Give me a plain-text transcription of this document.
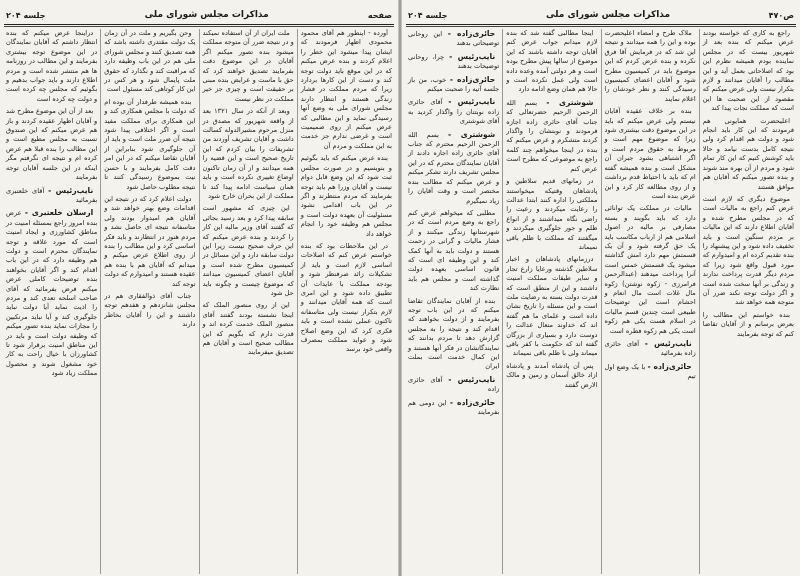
ص۴۷۰
مذاکرات مجلس شورای ملی
جلسه ۲۰۴

راجع به کاری که خواسته بودند عرض میکنم که بنده بعد از شهریور بیست که در مجلس نماینده بودم همیشه نظرم این بود که اصلاحاتی بعمل آید و این مطالب را آقایان میدانند و لازم بتکرار نیست ولی عرض میکنم که مقصود از این صحبت ها این است که مملکت نجات پیدا کند

اعلیحضرت همایونی هم فرمودند که این کار باید انجام شود و دولت هم اقدام کرد ولی نتیجه کامل بدست نیامد و حالا باید کوشش کنیم که این کار تمام شود و مردم از آن بهره مند شوند و بنده تصور میکنم که آقایان هم موافق هستند

موضوع دیگری که لازم است عرض کنم راجع به مالیات است که در مجلس مطرح شده و آقایان اطلاع دارند که این مالیات بر مردم سنگین است و باید تخفیف داده شود و این پیشنهاد را بنده تقدیم کرده ام و امیدوارم که مورد قبول واقع شود زیرا که مردم دیگر قدرت پرداخت ندارند و زندگی بر آنها سخت شده است و اگر دولت توجه نکند ضرر آن متوجه همه خواهد شد

بنده خواستم این مطالب را بعرض برسانم و از آقایان تقاضا کنم که توجه بفرمایند

ملاک طرح و امضاء اعلیحضرت بوده و این را همه میدانند و نتیجه این شد که در فرمایش آقا فرق نکرده و بنده عرض کردم که این موضوع باید در کمیسیون مطرح شود و آقایان اعضای کمیسیون رسیدگی کنند و نظر خودشان را اعلام نمایند

بنده بر خلاف عقیده آقایان نیستم ولی عرض میکنم که باید در این موضوع دقت بیشتری شود زیرا که موضوع مهم است و مربوط به حقوق مردم است و اگر اشتباهی بشود جبران آن مشکل است و بنده همیشه گفته ام که باید با احتیاط قدم برداشت و از روی مطالعه کار کرد و این عرض بنده است

مالیات در مملکت یک توانائی دارد که باید بگویند و بسته مصارفی بر مالیه در اصول اسلامی هم از ارباب مکاسب باید یک حق گرفته شود و آن یک قسمتش مهم دارد امش گذاشته میشود یک قسمتش خمس است آنرا پرداخت میدهند (عبدالرحمن فرامرزی - زکوه نوشتن) زکوه مال غلات است مال انعام و احشام است این توضیحات طبیعی است چندین قسم مالیات در اسلام هست یکی هم زکوه است یکی هم زکوه فطره است

نایب‌رئیس - آقای حائری زاده بفرمائید

حائری‌زاده - با یک وضع اول تیم

اینجا مطالبی گفته شد که بنده لازم میدانم جواب عرض کنم آقایان توجه داشته باشند که این موضوع از سالها پیش مطرح بوده است و هر دولتی آمده وعده داده است ولی عمل نکرده است و حالا هم همان وضع ادامه دارد

شوشتری - بسم الله الرحمن الرحیم حضرتعالی که جناب آقای حائری زاده اجازه فرمودند و نوبتشان را واگذار کردند متشکرم و عرض میکنم که بنده در اینجا میخواهم چند کلمه راجع به موضوعی که مطرح است عرض کنم

در زمانهای قدیم سلاطین و پادشاهان وقتیکه میخواستند مملکتی را اداره کنند ابتدا عدالت را رعایت میکردند و رعیت را راضی نگاه میداشتند و از انواع ظلم و جور جلوگیری میکردند و میگفتند که مملکت با ظلم باقی نمیماند

درزمانهای پادشاهان و اخبار سلاطین گذشته ورعایا زارع تجار و سایر طبقات مملکت امنیت داشتند و این از منطق است که قدرت دولت بسته به رضایت ملت است و این مسئله را تاریخ نشان داده است و علمای ما هم گفته اند که خداوند متعال عدالت را دوست دارد و بسیاری از بزرگان گفته اند که حکومت با کفر باقی میماند ولی با ظلم باقی نمیماند

پس آن پادشاه آمدند و پادشاه ازاد خالق آسمان و زمین و مالک الارض گفتند

حائری‌زاده - این روحانی توضیحاتی بدهند

نایب‌رئیس - چرا، روحانی توضیحات بدهند

حائری‌زاده - خوب، من باز جلسه آتیه را صحبت میکنم

نایب‌رئیس - آقای حائری زاده نوبتتان را واگذار کردید به آقای شوشتری

شوشتری - بسم الله الرحمن الرحیم محترم که جناب آقای حائری زاده اجازه دادند از آقایان نمایندگان محترم که در این مجلس تشریف دارند تشکر میکنم و عرض میکنم که مطالب بنده مختصر است و وقت آقایان را زیاد نمیگیرم

مطلبی که میخواهم عرض کنم راجع به وضع مردم است که در شهرستانها زندگی میکنند و از فشار مالیات و گرانی در زحمت هستند و دولت باید به آنها کمک کند و این وظیفه ای است که قانون اساسی بعهده دولت گذاشته است و مجلس هم باید نظارت کند

بنده از آقایان نمایندگان تقاضا میکنم که در این باب توجه بفرمایند و از دولت بخواهند که اقدام کند و نتیجه را به مجلس گزارش دهد تا مردم بدانند که نمایندگانشان در فکر آنها هستند و این کمال خدمت است بملت ایران

نایب‌رئیس - آقای حائری زاده

حائری‌زاده - این دومی هم بفرمایند

صفحه
مذاکرات مجلس شورای ملی
جلسه ۲۰۴

آورده - اینطور هم آقای محمود محمودی اظهار فرمودند که ایشان پیدا میشود این خطر را اعلام کردند و بنده عرض میکنم که در این موقع باید دولت توجه کند و دست از این کارها بردارد زیرا که مردم مملکت در فشار زندگی هستند و انتظار دارند مجلس شورای ملی به وضع آنها رسیدگی نماید و این مطالبی که عرض میکنم از روی صمیمیت است و غرضی ندارم جز خدمت به این مملکت و مردم آن

بنده عرض میکنم که باید بگوئیم و بنویسیم و در صورت مجلس ثبت شود که این وضع قابل دوام نیست و آقایان وزرا هم باید توجه بفرمایند که مردم منتظرند و اگر در این باب اقدامی نشود مسئولیت آن بعهده دولت است و مجلس هم وظیفه خود را انجام خواهد داد

در این ملاحظات بود که بنده خواستم عرض کنم که اصلاحات اساسی لازم است و باید از تشکیلات زائد صرفنظر شود و بودجه مملکت با عایدات آن تطبیق داده شود و این امری است که همه آقایان میدانند و لازم بتکرار نیست ولی متاسفانه تاکنون عملی نشده است و باید فکری کرد که این وضع اصلاح شود و عواید مملکت بمصرف واقعی خود برسد

ملت ایران از آن استفاده نمیکند و در نتیجه ضرر آن متوجه مملکت میشود بنده تصور میکنم اگر آقایان در این موضوع دقت بفرمایند تصدیق خواهند کرد که حق با ماست و عرایض بنده مبنی بر حقیقت است و چیزی جز خیر مملکت در نظر نیست

وبعد از آنکه در سال ۱۳۲۱ بعد از واقعه شهریور که مصدق در منزل مرحوم مشیرالدوله کسالت داشت و آقایان تشریف آوردند من تشریفات را بیان کردم که این تاریخ صحیح است و این قضیه را همه میدانند و از آن زمان تاکنون اوضاع تغییری نکرده است و باید همان سیاست ادامه پیدا کند تا مملکت از این بحران خارج شود

این چیزی که مشهور است سابقه پیدا کرد و بعد رسید بجائی که گفتند آقای وزیر مالیه این کار را کردند و بنده عرض میکنم که این حرف صحیح نیست زیرا این دولت سابقه دارد و این مسائل در کمیسیون مطرح شده است و آقایان اعضای کمیسیون میدانند که موضوع چیست و چگونه باید حل شود

این از روی منصور الملک که اینجا نشسته بودند گفتند آقای منصور الملک خدمت کرده اند و قدرت دارم که بگویم که این مطالب صحیح است و آقایان هم تصدیق میفرمایند

وحن بگیریم و ملت در آن زمان یک دولت مقتدری داشته باشد که همه تصدیق کنند و مجلس شورای ملی هم در این باب وظیفه دارد که مراقبت کند و نگذارد که حقوق ملت پایمال شود و هر کس در این کار کوتاهی کند مسئول است

بنده همیشه طرفدار آن بوده ام که دولت با مجلس همکاری کند و این همکاری برای مملکت مفید است و اگر اختلافی پیدا شود نتیجه آن ضرر ملت است و باید از آن جلوگیری شود بنابراین از آقایان تقاضا میکنم که در این امر دقت کامل بفرمایند و با حسن نیت بموضوع رسیدگی کنند تا نتیجه مطلوب حاصل شود

دولت اعلام کرد که در نتیجه این اقدامات وضع بهتر خواهد شد و آقایان هم امیدوار بودند ولی متاسفانه نتیجه ای حاصل نشد و مردم هنوز در انتظارند و باید فکر اساسی کرد و این مطالب را بنده از روی اطلاع عرض میکنم و میدانم که آقایان هم با بنده هم عقیده هستند و امیدوارم که دولت توجه کند

جناب آقای ذوالفقاری هم در مجلس شانزدهم و هفدهم توجه داشتند و این را آقایان بخاطر دارند

دراینجا عرض میکنم که بنده انتظار داشتم که آقایان نمایندگان در این موضوع توجه بیشتری بفرمایند و این مطالب در روزنامه ها هم منتشر شده است و مردم اطلاع دارند و باید جواب بدهیم و بگوئیم که مجلس چه کرده است و دولت چه کرده است

بعد از آن این موضوع مطرح شد و آقایان اظهار عقیده کردند و باز هم عرض میکنم که این صندوق نسبت به مجلس مطیع است و این مطالب را بنده قبلا هم عرض کرده ام و نتیجه ای نگرفتم مگر اینکه در این جلسه آقایان توجه بفرمایند

نایب‌رئیس - آقای خلعتبری بفرمائید

ارسلان خلعتبری - عرض بنده امروز راجع بمسئله امنیت در مناطق کشاورزی و ایجاد امنیت است که مورد علاقه و توجه نمایندگان محترم است و دولت هم وظیفه دارد که در این باب اقدام کند و اگر آقایان بخواهند بنده توضیحات کاملی عرض میکنم فرض بفرمائید که آقای صاحب اسلحه تعدی کند و مردم را اذیت نماید آیا دولت نباید جلوگیری کند و آیا نباید مرتکبین را مجازات نماید بنده تصور میکنم که وظیفه دولت است و باید در این مناطق امنیت برقرار شود تا کشاورزان با خیال راحت به کار خود مشغول شوند و محصول مملکت زیاد شود
